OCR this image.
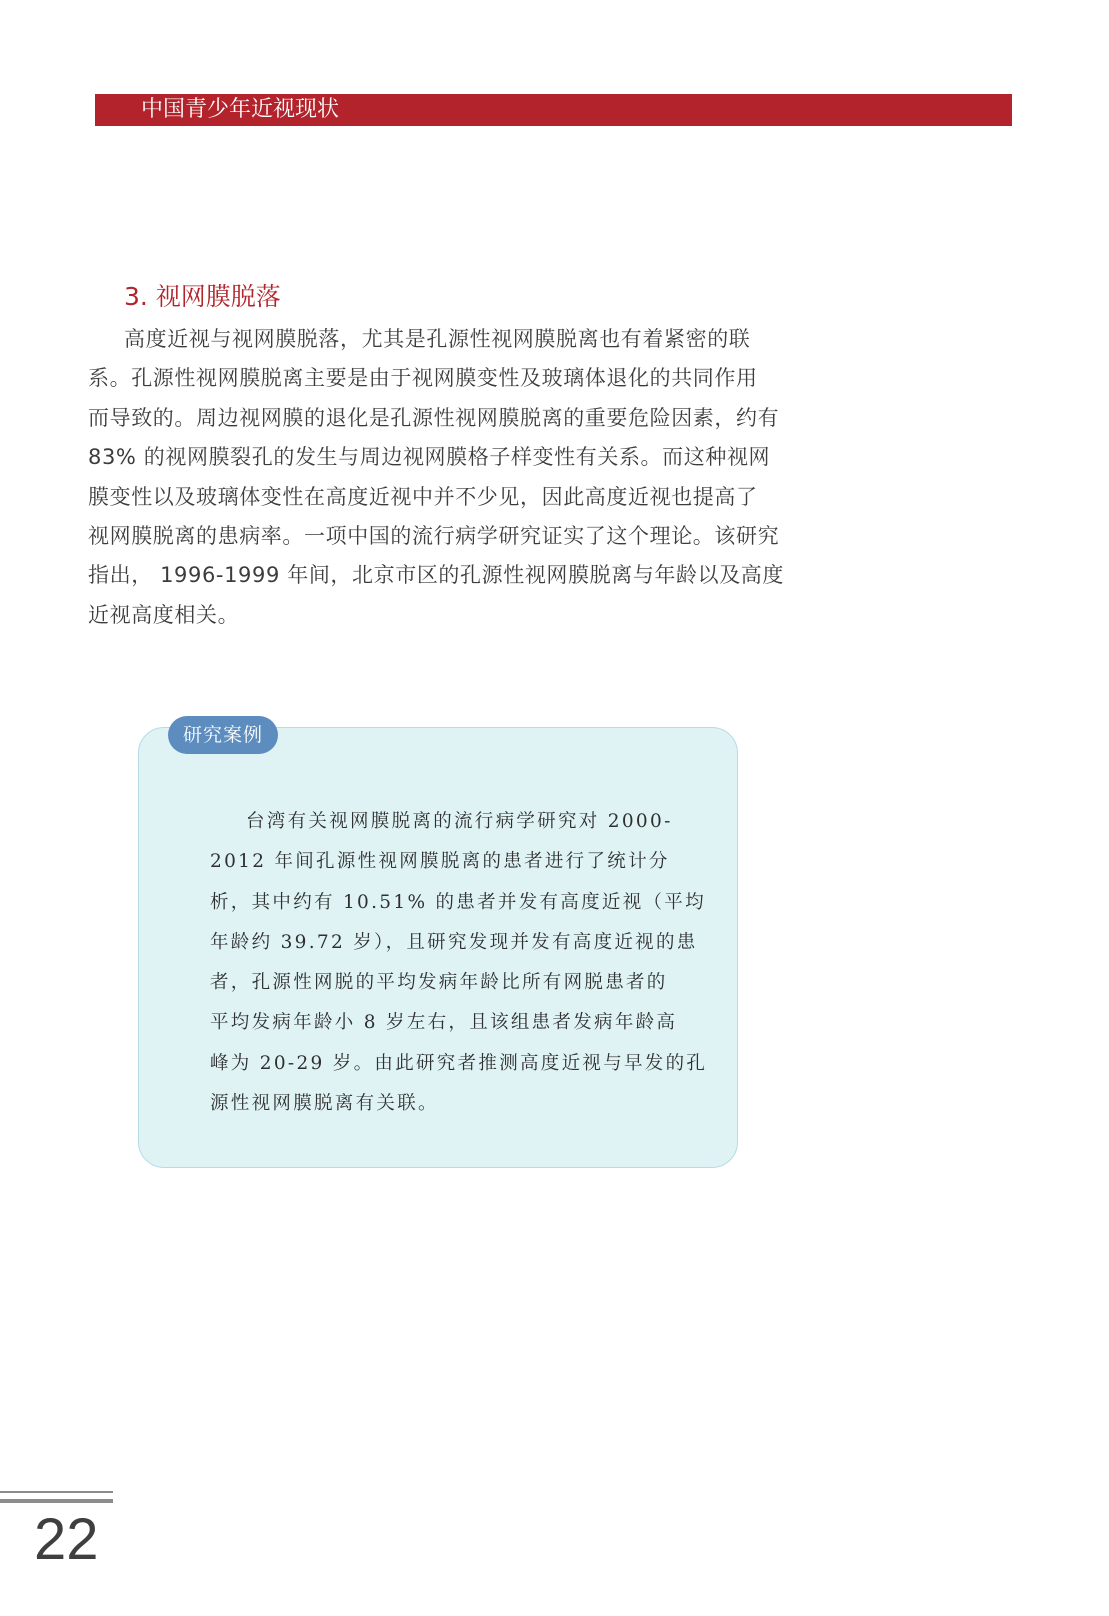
中国青少年近视现状
3. 视网膜脱落
高度近视与视网膜脱落，尤其是孔源性视网膜脱离也有着紧密的联
系。孔源性视网膜脱离主要是由于视网膜变性及玻璃体退化的共同作用
而导致的。周边视网膜的退化是孔源性视网膜脱离的重要危险因素，约有
83% 的视网膜裂孔的发生与周边视网膜格子样变性有关系。而这种视网
膜变性以及玻璃体变性在高度近视中并不少见，因此高度近视也提高了
视网膜脱离的患病率。一项中国的流行病学研究证实了这个理论。该研究
指出， 1996-1999 年间，北京市区的孔源性视网膜脱离与年龄以及高度
近视高度相关。
研究案例
台湾有关视网膜脱离的流行病学研究对 2000-
2012 年间孔源性视网膜脱离的患者进行了统计分
析，其中约有 10.51% 的患者并发有高度近视（平均
年龄约 39.72 岁），且研究发现并发有高度近视的患
者，孔源性网脱的平均发病年龄比所有网脱患者的
平均发病年龄小 8 岁左右，且该组患者发病年龄高
峰为 20-29 岁。由此研究者推测高度近视与早发的孔
源性视网膜脱离有关联。
22
